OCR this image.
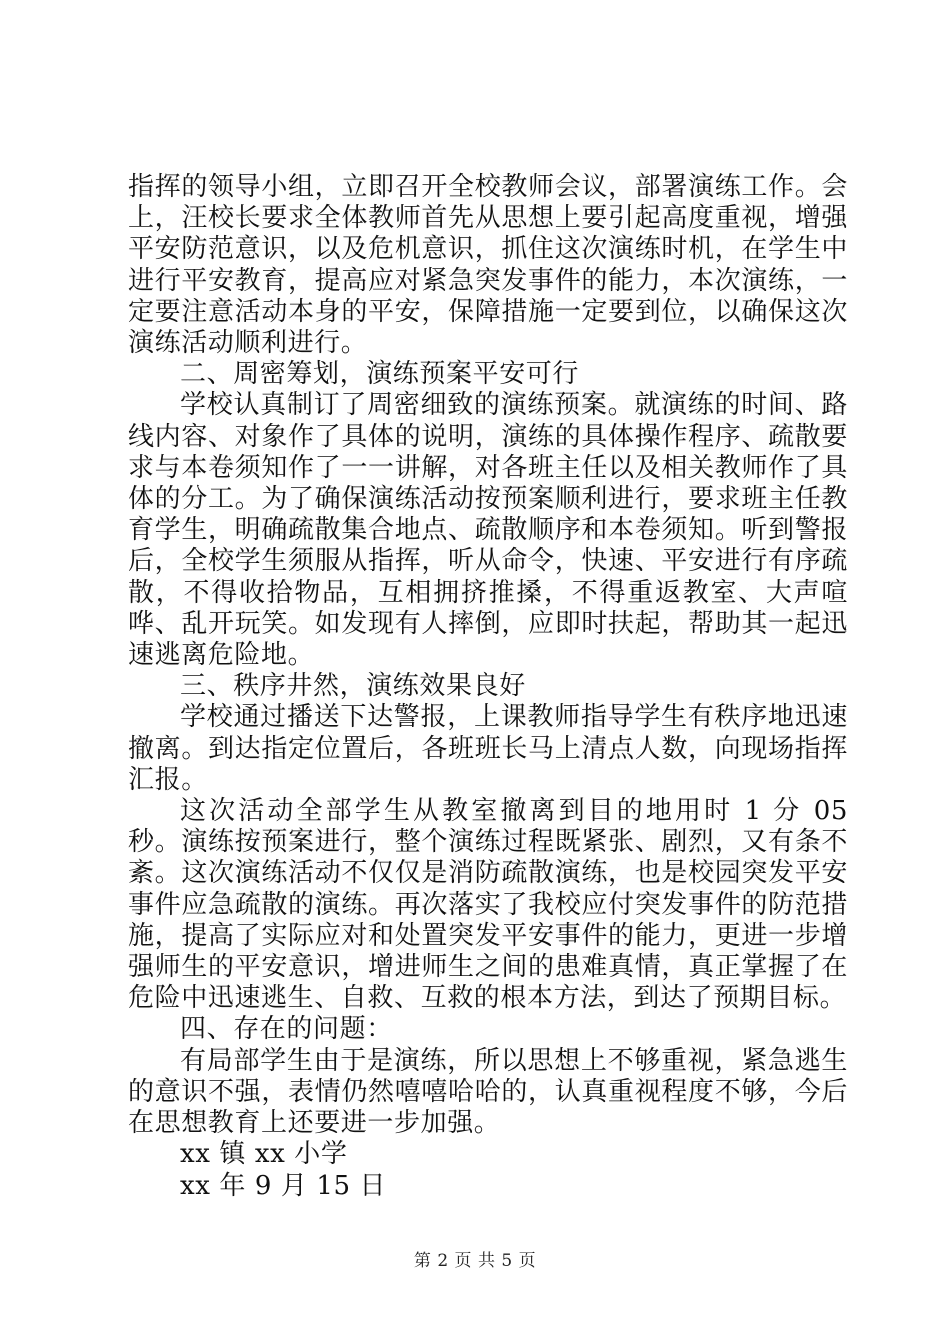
指挥的领导小组，立即召开全校教师会议，部署演练工作。会上，汪校长要求全体教师首先从思想上要引起高度重视，增强平安防范意识，以及危机意识，抓住这次演练时机，在学生中进行平安教育，提高应对紧急突发事件的能力，本次演练，一定要注意活动本身的平安，保障措施一定要到位，以确保这次演练活动顺利进行。

二、周密筹划，演练预案平安可行

学校认真制订了周密细致的演练预案。就演练的时间、路线内容、对象作了具体的说明，演练的具体操作程序、疏散要求与本卷须知作了一一讲解，对各班主任以及相关教师作了具体的分工。为了确保演练活动按预案顺利进行，要求班主任教育学生，明确疏散集合地点、疏散顺序和本卷须知。听到警报后，全校学生须服从指挥，听从命令，快速、平安进行有序疏散，不得收拾物品，互相拥挤推搡，不得重返教室、大声喧哗、乱开玩笑。如发现有人摔倒，应即时扶起，帮助其一起迅速逃离危险地。

三、秩序井然，演练效果良好

学校通过播送下达警报，上课教师指导学生有秩序地迅速撤离。到达指定位置后，各班班长马上清点人数，向现场指挥汇报。

这次活动全部学生从教室撤离到目的地用时 1 分 05 秒。演练按预案进行，整个演练过程既紧张、剧烈，又有条不紊。这次演练活动不仅仅是消防疏散演练，也是校园突发平安事件应急疏散的演练。再次落实了我校应付突发事件的防范措施，提高了实际应对和处置突发平安事件的能力，更进一步增强师生的平安意识，增进师生之间的患难真情，真正掌握了在危险中迅速逃生、自救、互救的根本方法，到达了预期目标。

四、存在的问题：

有局部学生由于是演练，所以思想上不够重视，紧急逃生的意识不强，表情仍然嘻嘻哈哈的，认真重视程度不够，今后在思想教育上还要进一步加强。

xx 镇 xx 小学

xx 年 9 月 15 日

第 2 页 共 5 页
